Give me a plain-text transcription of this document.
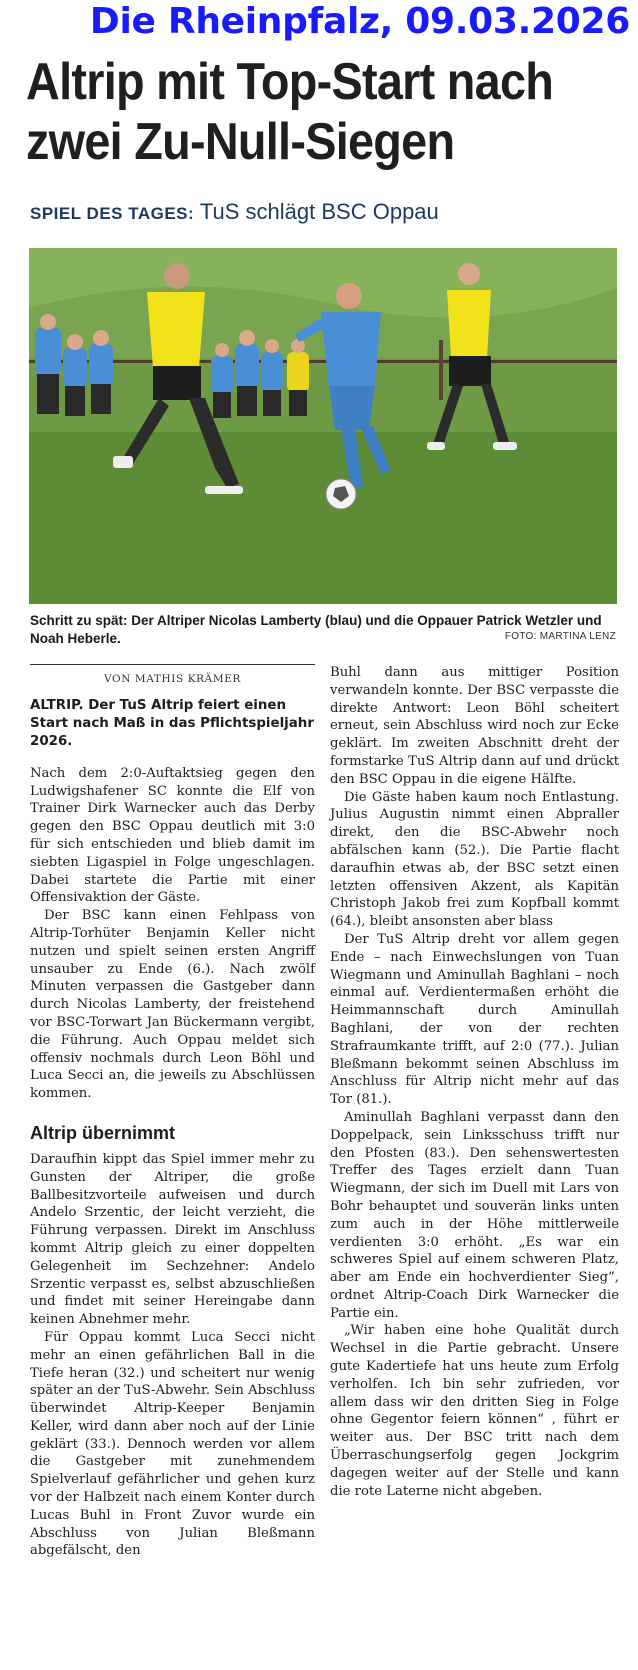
Die Rheinpfalz, 09.03.2026
Altrip mit Top-Start nach zwei Zu-Null-Siegen
SPIEL DES TAGES: TuS schlägt BSC Oppau
Schritt zu spät: Der Altriper Nicolas Lamberty (blau) und die Oppauer Patrick Wetzler und Noah Heberle.	FOTO: MARTINA LENZ
VON MATHIS KRÄMER

ALTRIP. Der TuS Altrip feiert einen Start nach Maß in das Pflichtspieljahr 2026.

Nach dem 2:0-Auftaktsieg gegen den Ludwigshafener SC konnte die Elf von Trainer Dirk Warnecker auch das Derby gegen den BSC Oppau deutlich mit 3:0 für sich entschieden und blieb damit im siebten Ligaspiel in Folge ungeschlagen. Dabei startete die Partie mit einer Offensivaktion der Gäste.

Der BSC kann einen Fehlpass von Altrip-Torhüter Benjamin Keller nicht nutzen und spielt seinen ersten Angriff unsauber zu Ende (6.). Nach zwölf Minuten verpassen die Gastgeber dann durch Nicolas Lamberty, der freistehend vor BSC-Torwart Jan Bückermann vergibt, die Führung. Auch Oppau meldet sich offensiv nochmals durch Leon Böhl und Luca Secci an, die jeweils zu Abschlüssen kommen.

Altrip übernimmt

Daraufhin kippt das Spiel immer mehr zu Gunsten der Altriper, die große Ballbesitzvorteile aufweisen und durch Andelo Srzentic, der leicht verzieht, die Führung verpassen. Direkt im Anschluss kommt Altrip gleich zu einer doppelten Gelegenheit im Sechzehner: Andelo Srzentic verpasst es, selbst abzuschließen und findet mit seiner Hereingabe dann keinen Abnehmer mehr.

Für Oppau kommt Luca Secci nicht mehr an einen gefährlichen Ball in die Tiefe heran (32.) und scheitert nur wenig später an der TuS-Abwehr. Sein Abschluss überwindet Altrip-Keeper Benjamin Keller, wird dann aber noch auf der Linie geklärt (33.). Dennoch werden vor allem die Gastgeber mit zunehmendem Spielverlauf gefährlicher und gehen kurz vor der Halbzeit nach einem Konter durch Lucas Buhl in Front Zuvor wurde ein Abschluss von Julian Bleßmann abgefälscht, den

Buhl dann aus mittiger Position verwandeln konnte. Der BSC verpasste die direkte Antwort: Leon Böhl scheitert erneut, sein Abschluss wird noch zur Ecke geklärt. Im zweiten Abschnitt dreht der formstarke TuS Altrip dann auf und drückt den BSC Oppau in die eigene Hälfte.

Die Gäste haben kaum noch Entlastung. Julius Augustin nimmt einen Abpraller direkt, den die BSC-Abwehr noch abfälschen kann (52.). Die Partie flacht daraufhin etwas ab, der BSC setzt einen letzten offensiven Akzent, als Kapitän Christoph Jakob frei zum Kopfball kommt (64.), bleibt ansonsten aber blass

Der TuS Altrip dreht vor allem gegen Ende – nach Einwechslungen von Tuan Wiegmann und Aminullah Baghlani – noch einmal auf. Verdientermaßen erhöht die Heimmannschaft durch Aminullah Baghlani, der von der rechten Strafraumkante trifft, auf 2:0 (77.). Julian Bleßmann bekommt seinen Abschluss im Anschluss für Altrip nicht mehr auf das Tor (81.).

Aminullah Baghlani verpasst dann den Doppelpack, sein Linksschuss trifft nur den Pfosten (83.). Den sehenswertesten Treffer des Tages erzielt dann Tuan Wiegmann, der sich im Duell mit Lars von Bohr behauptet und souverän links unten zum auch in der Höhe mittlerweile verdienten 3:0 erhöht. „Es war ein schweres Spiel auf einem schweren Platz, aber am Ende ein hochverdienter Sieg“, ordnet Altrip-Coach Dirk Warnecker die Partie ein.

„Wir haben eine hohe Qualität durch Wechsel in die Partie gebracht. Unsere gute Kadertiefe hat uns heute zum Erfolg verholfen. Ich bin sehr zufrieden, vor allem dass wir den dritten Sieg in Folge ohne Gegentor feiern können“ , führt er weiter aus. Der BSC tritt nach dem Überraschungserfolg gegen Jockgrim dagegen weiter auf der Stelle und kann die rote Laterne nicht abgeben.
